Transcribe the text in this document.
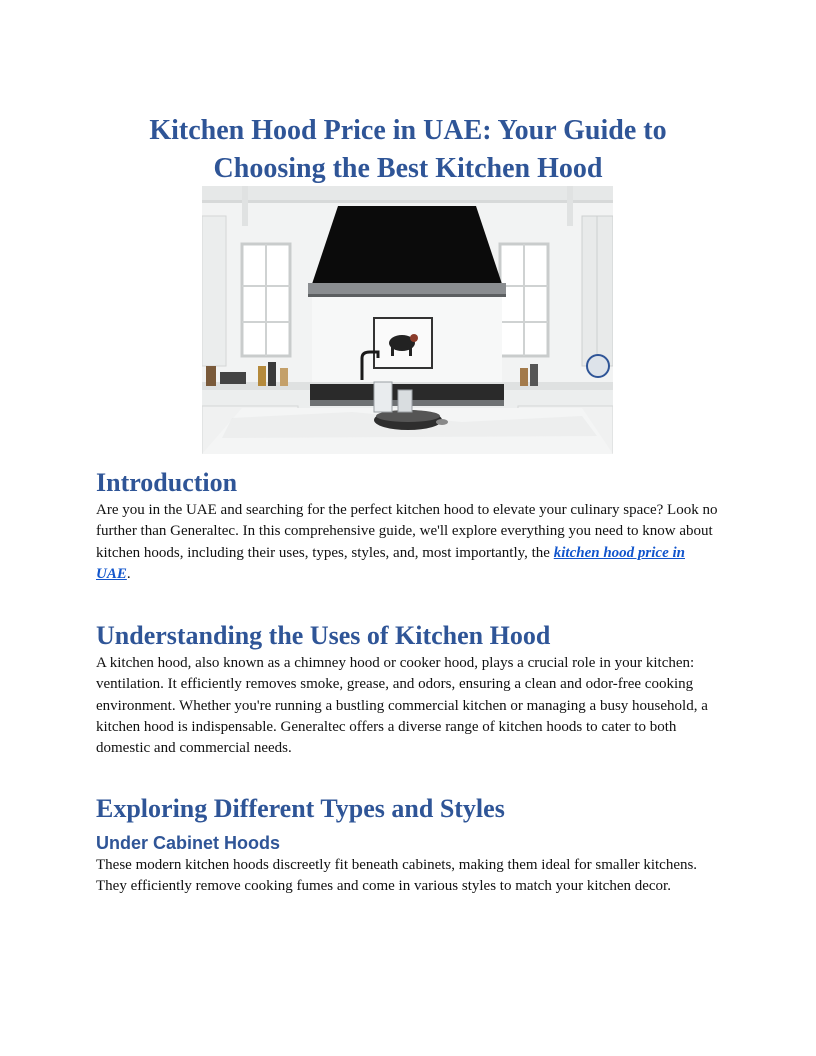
Kitchen Hood Price in UAE: Your Guide to Choosing the Best Kitchen Hood
Introduction

Are you in the UAE and searching for the perfect kitchen hood to elevate your culinary space? Look no further than Generaltec. In this comprehensive guide, we'll explore everything you need to know about kitchen hoods, including their uses, types, styles, and, most importantly, the kitchen hood price in UAE.

Understanding the Uses of Kitchen Hood

A kitchen hood, also known as a chimney hood or cooker hood, plays a crucial role in your kitchen: ventilation. It efficiently removes smoke, grease, and odors, ensuring a clean and odor-free cooking environment. Whether you're running a bustling commercial kitchen or managing a busy household, a kitchen hood is indispensable. Generaltec offers a diverse range of kitchen hoods to cater to both domestic and commercial needs.

Exploring Different Types and Styles
Under Cabinet Hoods

These modern kitchen hoods discreetly fit beneath cabinets, making them ideal for smaller kitchens. They efficiently remove cooking fumes and come in various styles to match your kitchen decor.
